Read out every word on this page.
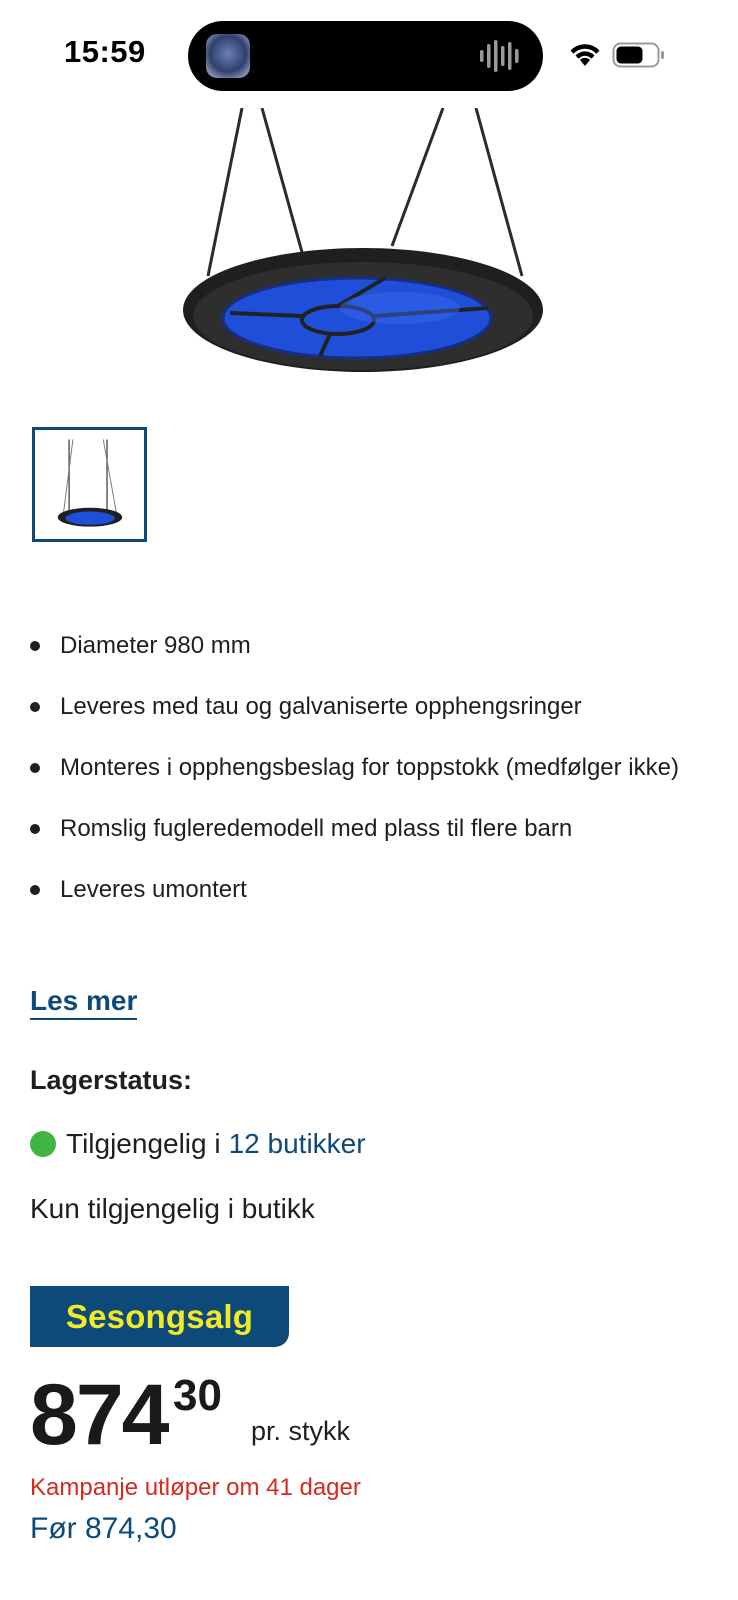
15:59
Diameter 980 mm
Leveres med tau og galvaniserte opphengsringer
Monteres i opphengsbeslag for toppstokk (medfølger ikke)
Romslig fugleredemodell med plass til flere barn
Leveres umontert
Les mer
Lagerstatus:
Tilgjengelig i 12 butikker
Kun tilgjengelig i butikk
Sesongsalg
874 30
pr. stykk
Kampanje utløper om 41 dager
Før 874,30
